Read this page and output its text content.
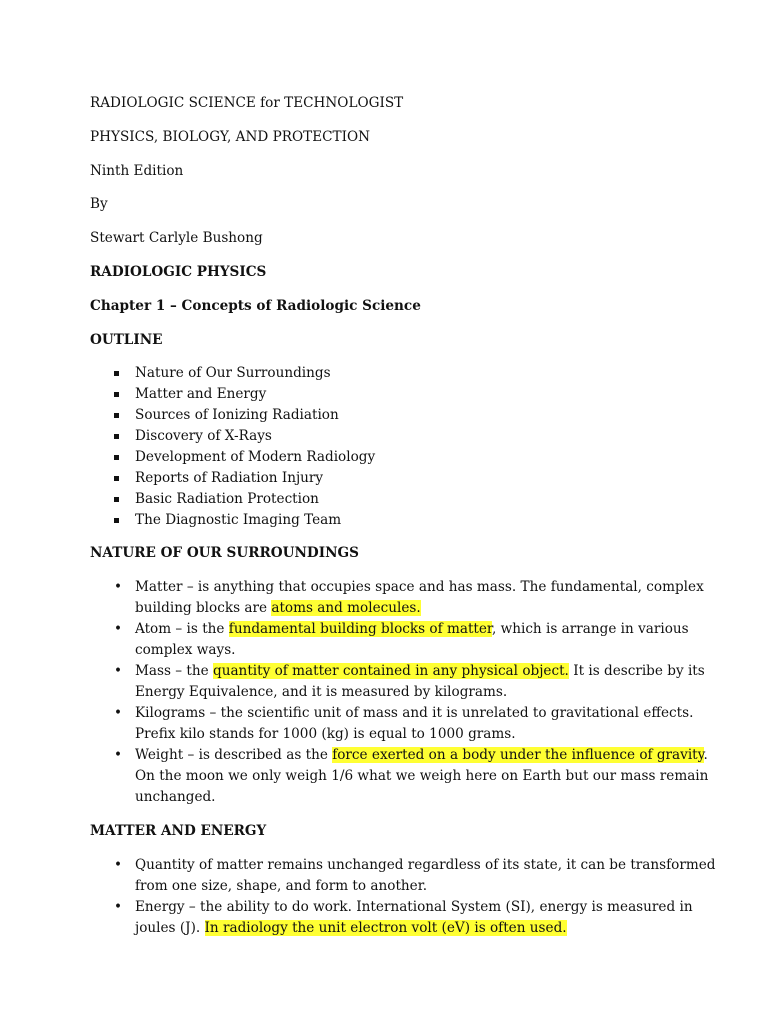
RADIOLOGIC SCIENCE for TECHNOLOGIST
PHYSICS, BIOLOGY, AND PROTECTION
Ninth Edition
By
Stewart Carlyle Bushong
RADIOLOGIC PHYSICS
Chapter 1 – Concepts of Radiologic Science
OUTLINE
Nature of Our Surroundings
Matter and Energy
Sources of Ionizing Radiation
Discovery of X-Rays
Development of Modern Radiology
Reports of Radiation Injury
Basic Radiation Protection
The Diagnostic Imaging Team
NATURE OF OUR SURROUNDINGS
• Matter – is anything that occupies space and has mass. The fundamental, complex building blocks are atoms and molecules.
• Atom – is the fundamental building blocks of matter, which is arrange in various complex ways.
• Mass – the quantity of matter contained in any physical object. It is describe by its Energy Equivalence, and it is measured by kilograms.
• Kilograms – the scientific unit of mass and it is unrelated to gravitational effects. Prefix kilo stands for 1000 (kg) is equal to 1000 grams.
• Weight – is described as the force exerted on a body under the influence of gravity. On the moon we only weigh 1/6 what we weigh here on Earth but our mass remain unchanged.
MATTER AND ENERGY
• Quantity of matter remains unchanged regardless of its state, it can be transformed from one size, shape, and form to another.
• Energy – the ability to do work. International System (SI), energy is measured in joules (J). In radiology the unit electron volt (eV) is often used.
